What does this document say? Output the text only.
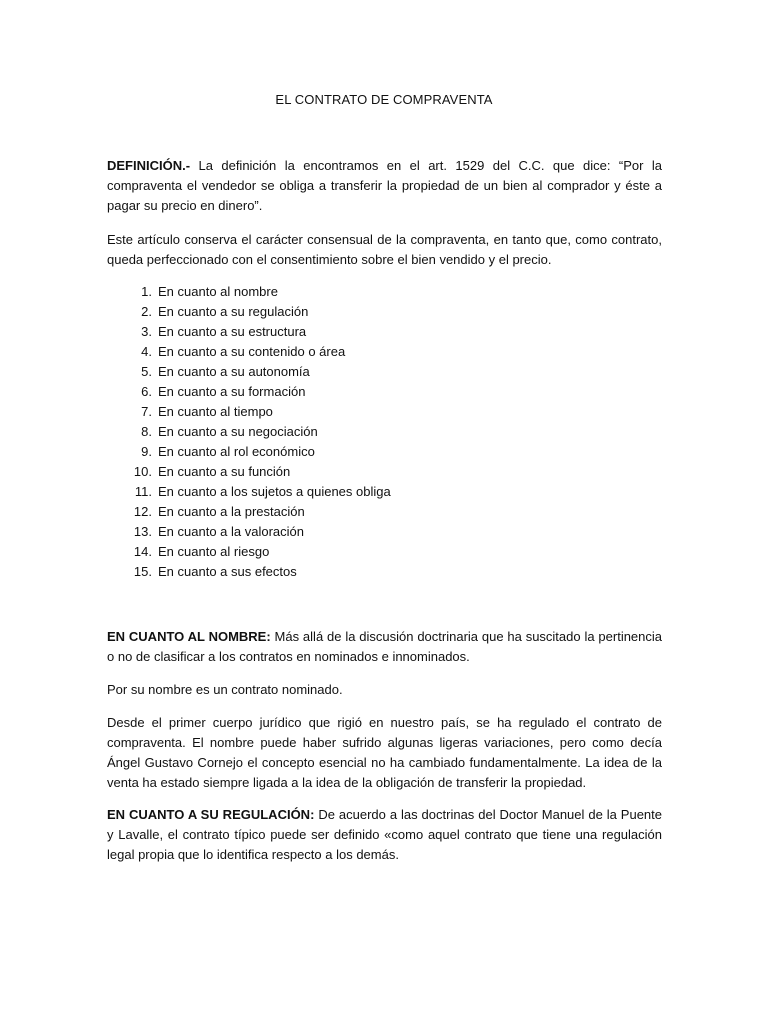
EL CONTRATO DE COMPRAVENTA
DEFINICIÓN.- La definición la encontramos en el art. 1529 del C.C. que dice: “Por la compraventa el vendedor se obliga a transferir la propiedad de un bien al comprador y éste a pagar su precio en dinero”.
Este artículo conserva el carácter consensual de la compraventa, en tanto que, como contrato, queda perfeccionado con el consentimiento sobre el bien vendido y el precio.
1. En cuanto al nombre
2. En cuanto a su regulación
3. En cuanto a su estructura
4. En cuanto a su contenido o área
5. En cuanto a su autonomía
6. En cuanto a su formación
7. En cuanto al tiempo
8. En cuanto a su negociación
9. En cuanto al rol económico
10. En cuanto a su función
11. En cuanto a los sujetos a quienes obliga
12. En cuanto a la prestación
13. En cuanto a la valoración
14. En cuanto al riesgo
15. En cuanto a sus efectos
EN CUANTO AL NOMBRE: Más allá de la discusión doctrinaria que ha suscitado la pertinencia o no de clasificar a los contratos en nominados e innominados.
Por su nombre es un contrato nominado.
Desde el primer cuerpo jurídico que rigió en nuestro país, se ha regulado el contrato de compraventa. El nombre puede haber sufrido algunas ligeras variaciones, pero como decía Ángel Gustavo Cornejo el concepto esencial no ha cambiado fundamentalmente. La idea de la venta ha estado siempre ligada a la idea de la obligación de transferir la propiedad.
EN CUANTO A SU REGULACIÓN: De acuerdo a las doctrinas del Doctor Manuel de la Puente y Lavalle, el contrato típico puede ser definido «como aquel contrato que tiene una regulación legal propia que lo identifica respecto a los demás.
